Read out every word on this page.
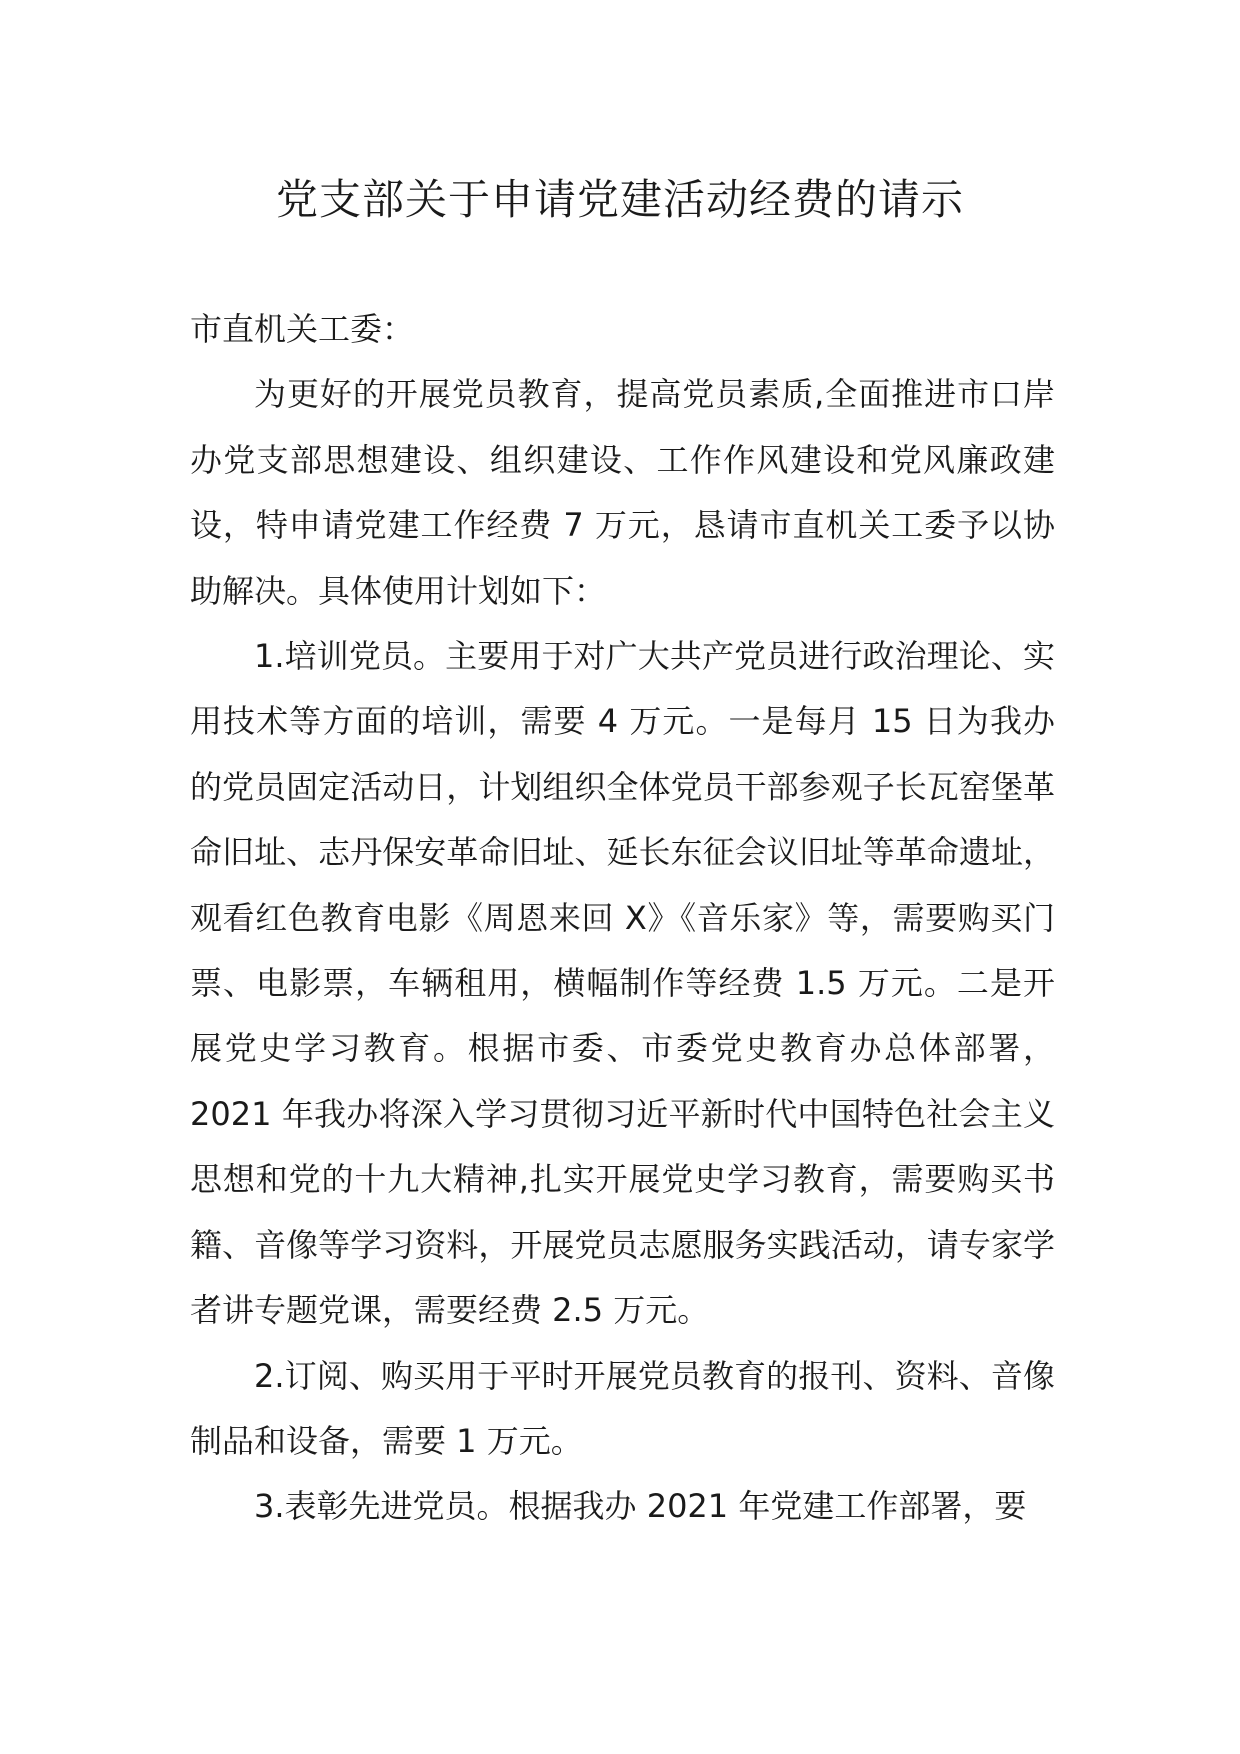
党支部关于申请党建活动经费的请示

市直机关工委：

为更好的开展党员教育，提高党员素质,全面推进市口岸办党支部思想建设、组织建设、工作作风建设和党风廉政建设，特申请党建工作经费 7 万元，恳请市直机关工委予以协助解决。具体使用计划如下：

1.培训党员。主要用于对广大共产党员进行政治理论、实用技术等方面的培训，需要 4 万元。一是每月 15 日为我办的党员固定活动日，计划组织全体党员干部参观子长瓦窑堡革命旧址、志丹保安革命旧址、延长东征会议旧址等革命遗址，观看红色教育电影《周恩来回 X》《音乐家》等，需要购买门票、电影票，车辆租用，横幅制作等经费 1.5 万元。二是开展党史学习教育。根据市委、市委党史教育办总体部署，2021 年我办将深入学习贯彻习近平新时代中国特色社会主义思想和党的十九大精神,扎实开展党史学习教育，需要购买书籍、音像等学习资料，开展党员志愿服务实践活动，请专家学者讲专题党课，需要经费 2.5 万元。

2.订阅、购买用于平时开展党员教育的报刊、资料、音像制品和设备，需要 1 万元。

3.表彰先进党员。根据我办 2021 年党建工作部署，要
